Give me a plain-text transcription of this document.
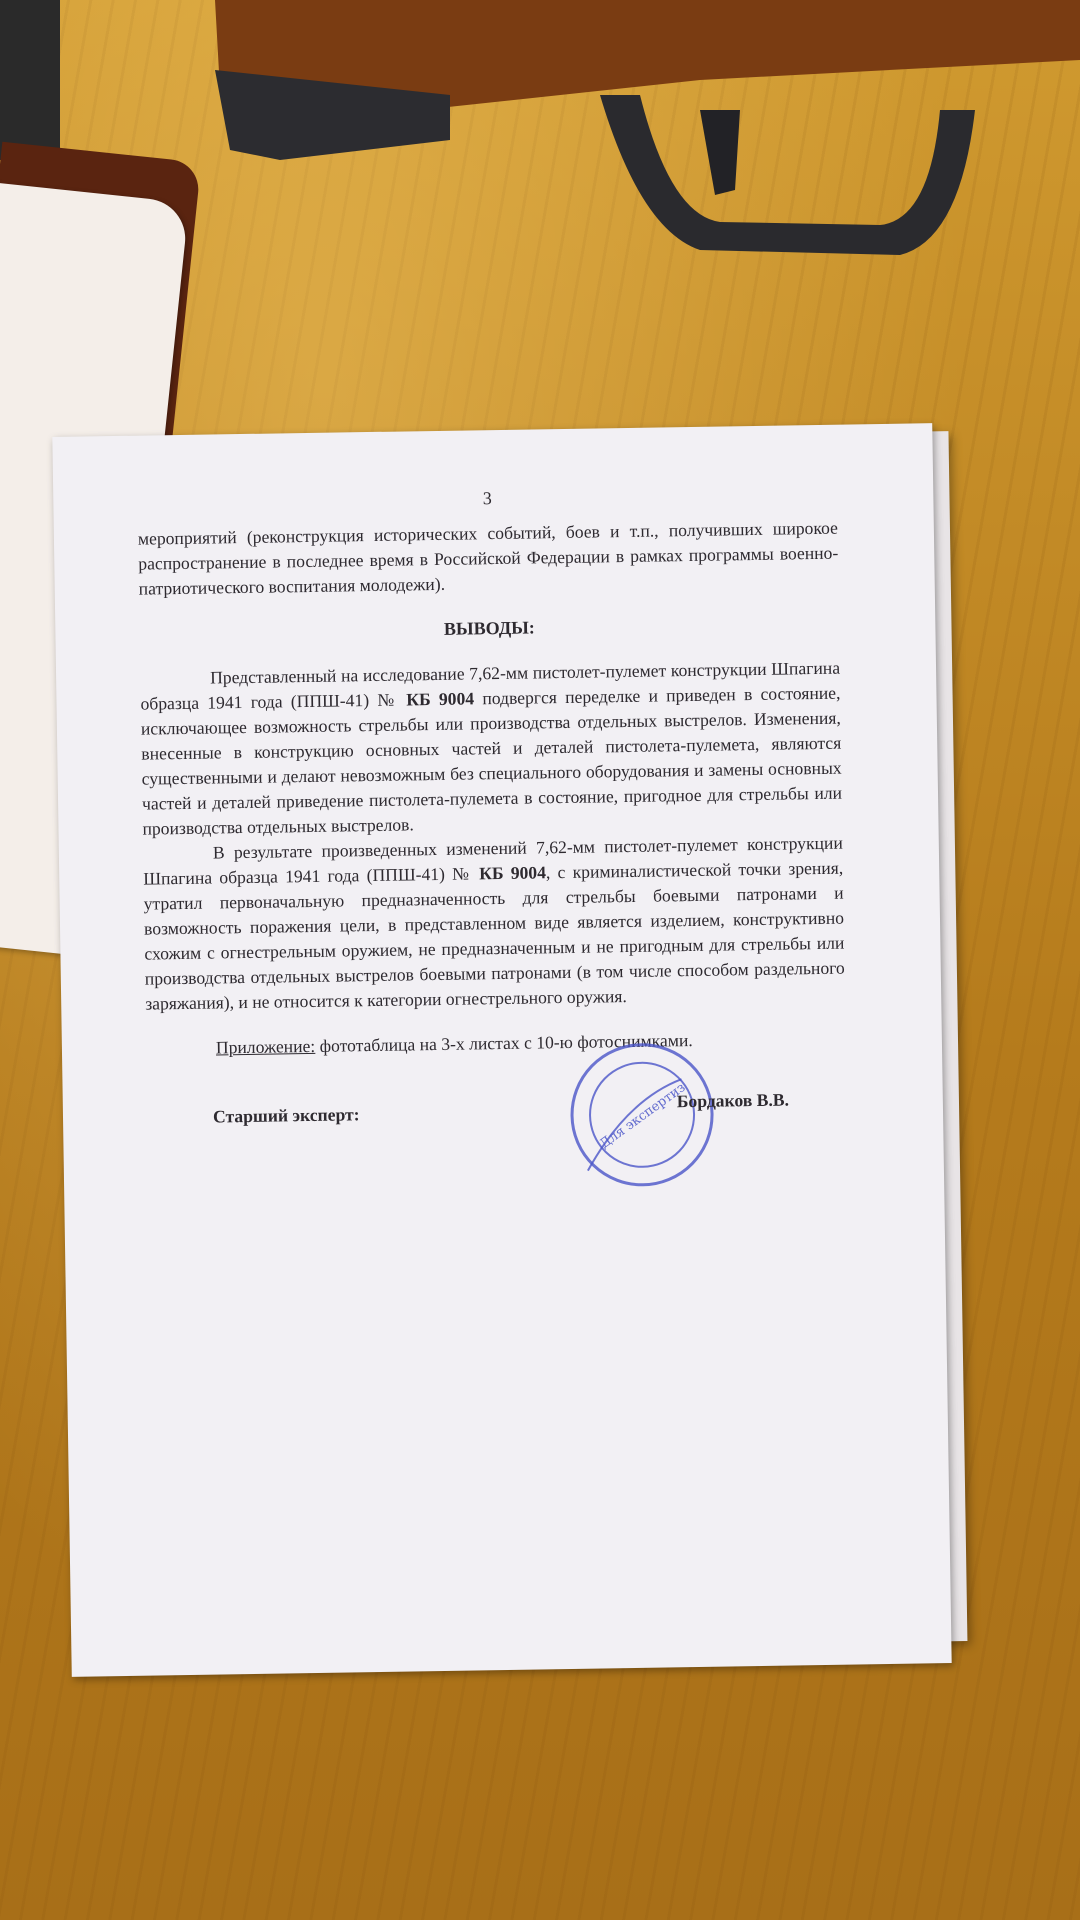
3

мероприятий (реконструкция исторических событий, боев и т.п., получивших широкое распространение в последнее время в Российской Федерации в рамках программы военно-патриотического воспитания молодежи).

ВЫВОДЫ:

Представленный на исследование 7,62-мм пистолет-пулемет конструкции Шпагина образца 1941 года (ППШ-41) № КБ 9004 подвергся переделке и приведен в состояние, исключающее возможность стрельбы или производства отдельных выстрелов. Изменения, внесенные в конструкцию основных частей и деталей пистолета-пулемета, являются существенными и делают невозможным без специального оборудования и замены основных частей и деталей приведение пистолета-пулемета в состояние, пригодное для стрельбы или производства отдельных выстрелов.

В результате произведенных изменений 7,62-мм пистолет-пулемет конструкции Шпагина образца 1941 года (ППШ-41) № КБ 9004, с криминалистической точки зрения, утратил первоначальную предназначенность для стрельбы боевыми патронами и возможность поражения цели, в представленном виде является изделием, конструктивно схожим с огнестрельным оружием, не предназначенным и не пригодным для стрельбы или производства отдельных выстрелов боевыми патронами (в том числе способом раздельного заряжания), и не относится к категории огнестрельного оружия.

Приложение: фототаблица на 3-х листах с 10-ю фотоснимками.
Старший эксперт:	Для экспертиз
Бордаков В.В.
